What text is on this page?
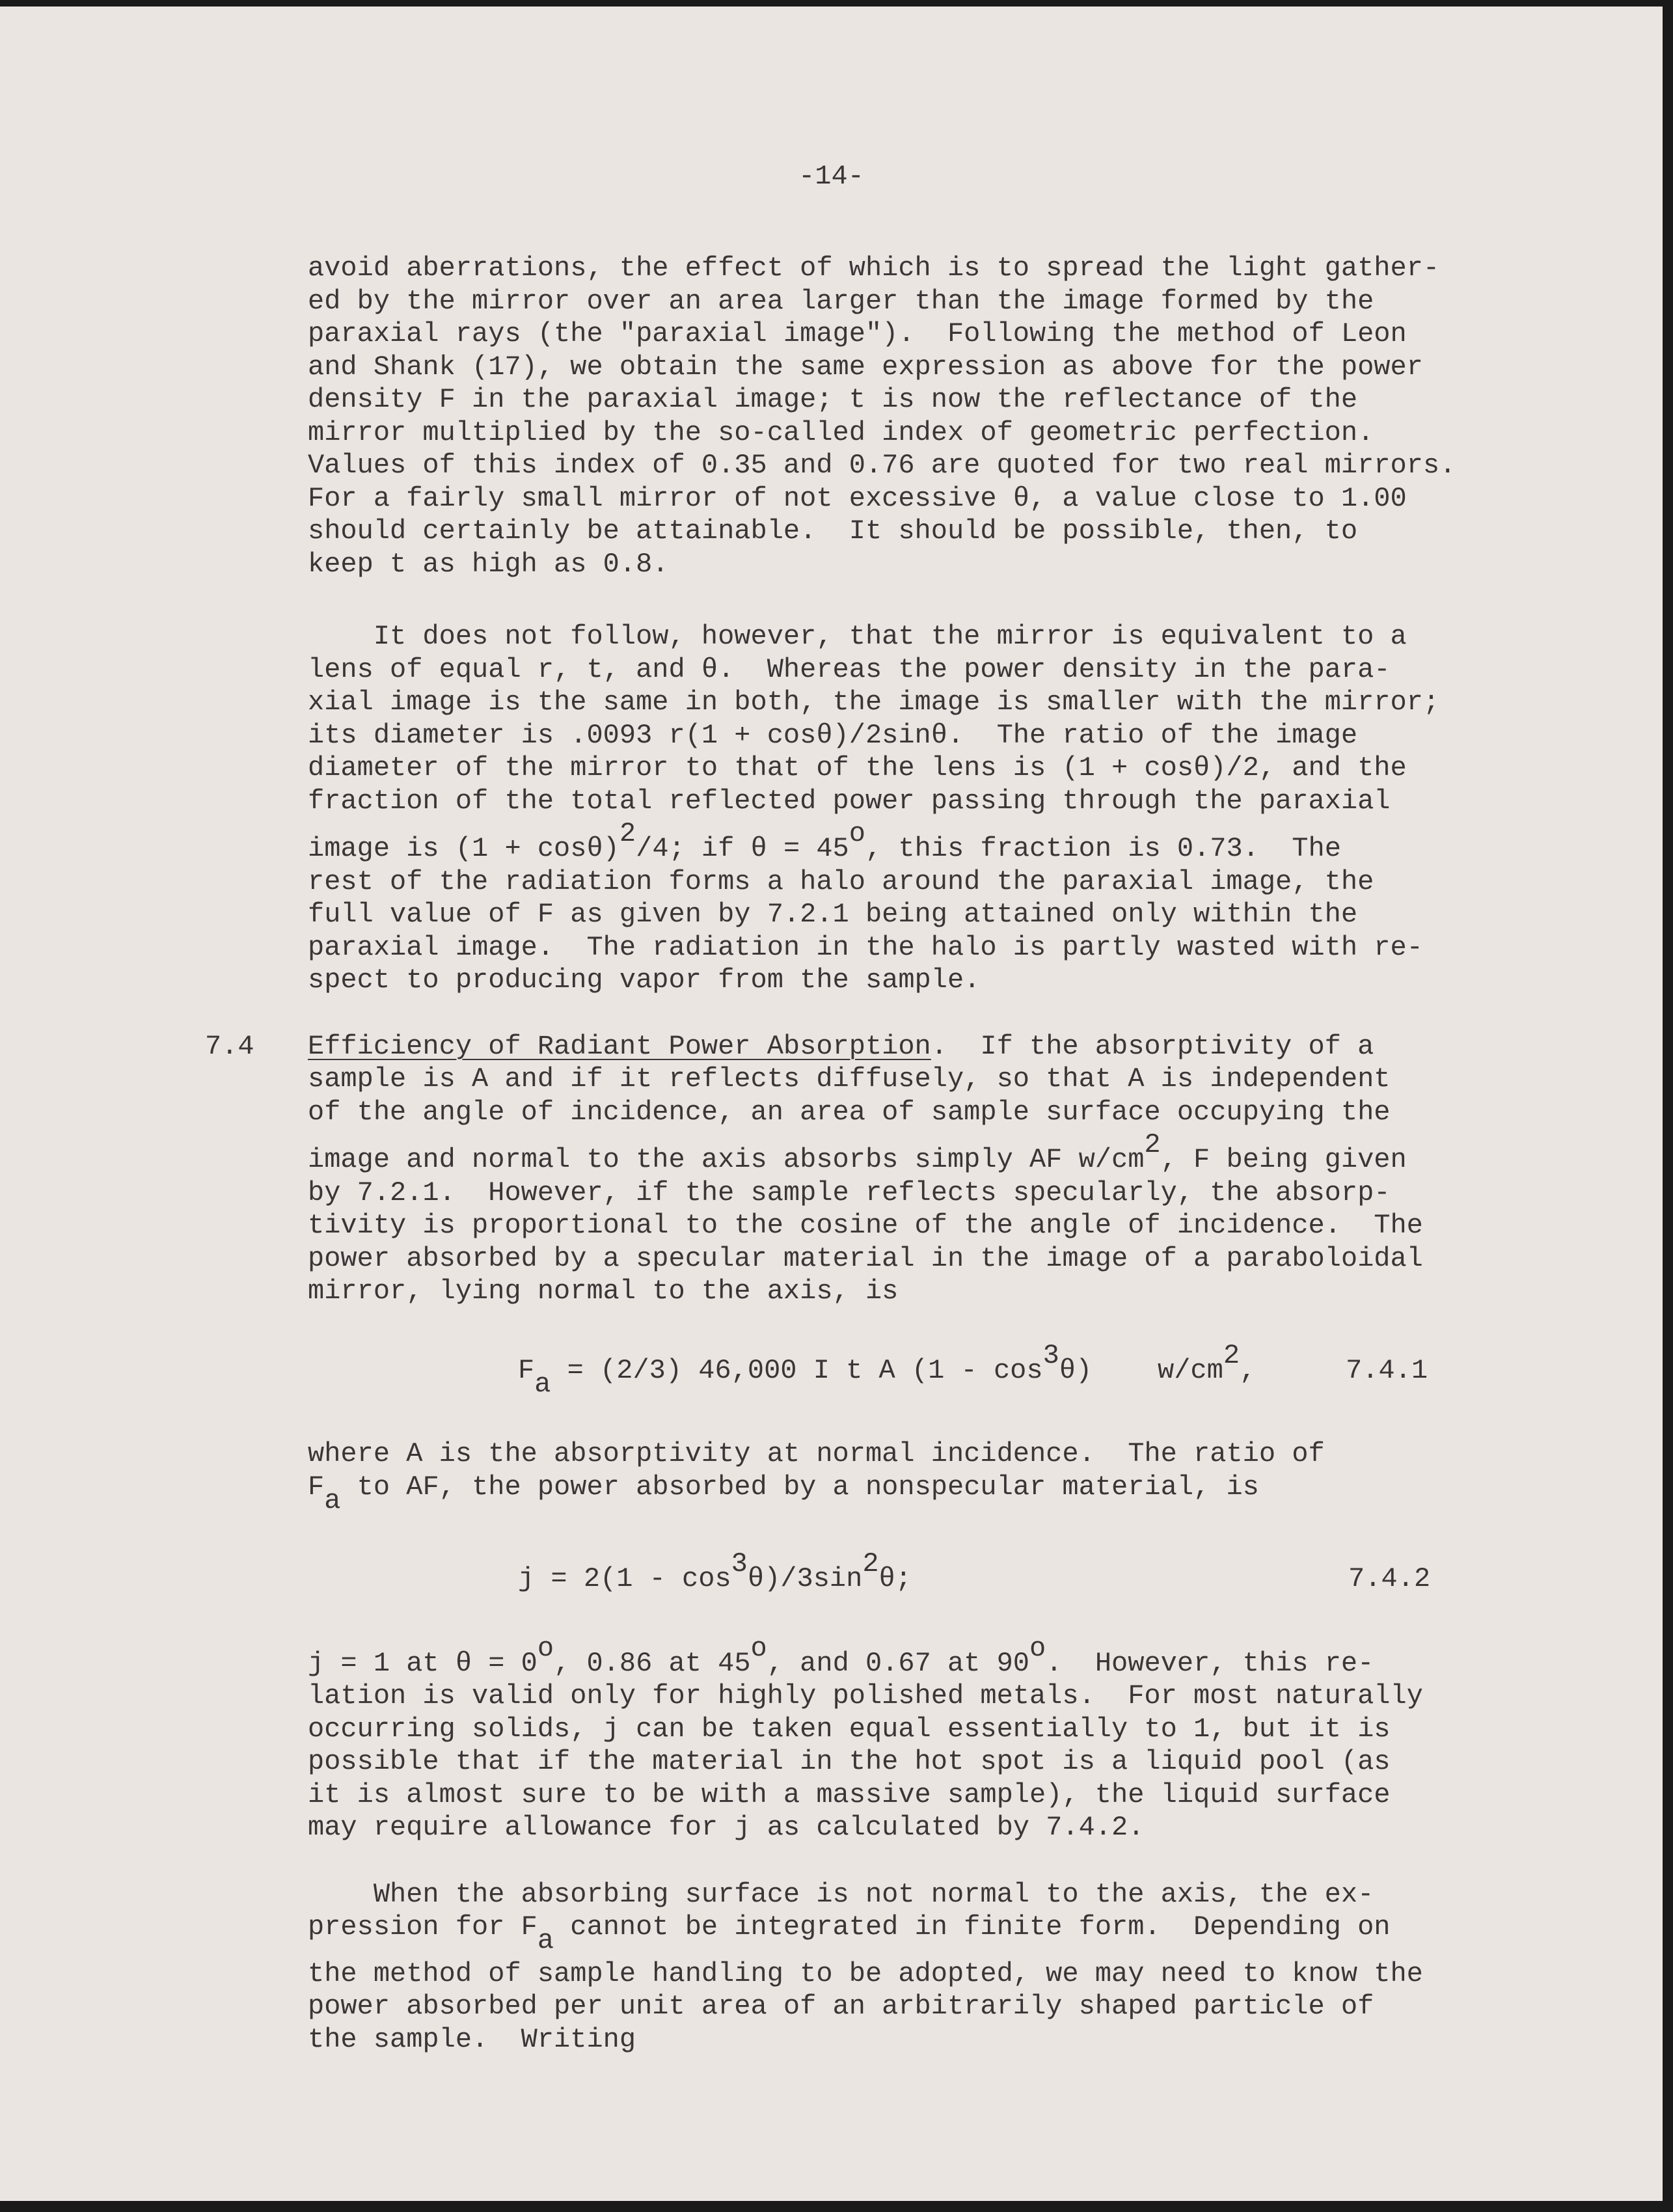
-14-
avoid aberrations, the effect of which is to spread the light gather-
ed by the mirror over an area larger than the image formed by the
paraxial rays (the "paraxial image").  Following the method of Leon
and Shank (17), we obtain the same expression as above for the power
density F in the paraxial image; t is now the reflectance of the
mirror multiplied by the so-called index of geometric perfection.
Values of this index of 0.35 and 0.76 are quoted for two real mirrors.
For a fairly small mirror of not excessive θ, a value close to 1.00
should certainly be attainable.  It should be possible, then, to
keep t as high as 0.8.
It does not follow, however, that the mirror is equivalent to a
lens of equal r, t, and θ.  Whereas the power density in the para-
xial image is the same in both, the image is smaller with the mirror;
its diameter is .0093 r(1 + cosθ)/2sinθ.  The ratio of the image
diameter of the mirror to that of the lens is (1 + cosθ)/2, and the
fraction of the total reflected power passing through the paraxial
image is (1 + cosθ)2/4; if θ = 45o, this fraction is 0.73.  The
rest of the radiation forms a halo around the paraxial image, the
full value of F as given by 7.2.1 being attained only within the
paraxial image.  The radiation in the halo is partly wasted with re-
spect to producing vapor from the sample.
7.4 Efficiency of Radiant Power Absorption.  If the absorptivity of a
sample is A and if it reflects diffusely, so that A is independent
of the angle of incidence, an area of sample surface occupying the
image and normal to the axis absorbs simply AF w/cm2, F being given
by 7.2.1.  However, if the sample reflects specularly, the absorp-
tivity is proportional to the cosine of the angle of incidence.  The
power absorbed by a specular material in the image of a paraboloidal
mirror, lying normal to the axis, is
Fa = (2/3) 46,000 I t A (1 - cos3θ)    w/cm2,	7.4.1
where A is the absorptivity at normal incidence.  The ratio of
Fa to AF, the power absorbed by a nonspecular material, is
j = 2(1 - cos3θ)/3sin2θ;	7.4.2
j = 1 at θ = 0o, 0.86 at 45o, and 0.67 at 90o.  However, this re-
lation is valid only for highly polished metals.  For most naturally
occurring solids, j can be taken equal essentially to 1, but it is
possible that if the material in the hot spot is a liquid pool (as
it is almost sure to be with a massive sample), the liquid surface
may require allowance for j as calculated by 7.4.2.
When the absorbing surface is not normal to the axis, the ex-
pression for Fa cannot be integrated in finite form.  Depending on
the method of sample handling to be adopted, we may need to know the
power absorbed per unit area of an arbitrarily shaped particle of
the sample.  Writing
